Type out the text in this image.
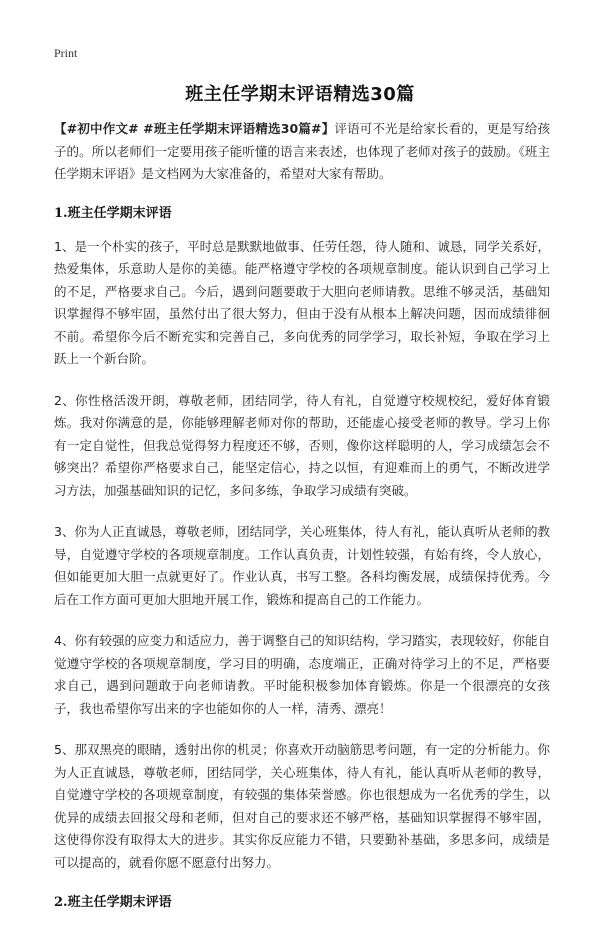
Print
班主任学期末评语精选30篇

【#初中作文# #班主任学期末评语精选30篇#】评语可不光是给家长看的，更是写给孩子的。所以老师们一定要用孩子能听懂的语言来表述，也体现了老师对孩子的鼓励。《班主任学期末评语》是文档网为大家准备的，希望对大家有帮助。

1.班主任学期末评语

1、是一个朴实的孩子，平时总是默默地做事、任劳任怨，待人随和、诚恳，同学关系好，热爱集体，乐意助人是你的美德。能严格遵守学校的各项规章制度。能认识到自己学习上的不足，严格要求自己。今后，遇到问题要敢于大胆向老师请教。思维不够灵活，基础知识掌握得不够牢固，虽然付出了很大努力，但由于没有从根本上解决问题，因而成绩徘徊不前。希望你今后不断充实和完善自己，多向优秀的同学学习，取长补短，争取在学习上跃上一个新台阶。

2、你性格活泼开朗，尊敬老师，团结同学，待人有礼，自觉遵守校规校纪，爱好体育锻炼。我对你满意的是，你能够理解老师对你的帮助，还能虚心接受老师的教导。学习上你有一定自觉性，但我总觉得努力程度还不够，否则，像你这样聪明的人，学习成绩怎会不够突出？希望你严格要求自己，能坚定信心，持之以恒，有迎难而上的勇气，不断改进学习方法，加强基础知识的记忆，多问多练，争取学习成绩有突破。

3、你为人正直诚恳，尊敬老师，团结同学，关心班集体，待人有礼，能认真听从老师的教导，自觉遵守学校的各项规章制度。工作认真负责，计划性较强，有始有终，令人放心，但如能更加大胆一点就更好了。作业认真，书写工整。各科均衡发展，成绩保持优秀。今后在工作方面可更加大胆地开展工作，锻炼和提高自己的工作能力。

4、你有较强的应变力和适应力，善于调整自己的知识结构，学习踏实，表现较好，你能自觉遵守学校的各项规章制度，学习目的明确，态度端正，正确对待学习上的不足，严格要求自己，遇到问题敢于向老师请教。平时能积极参加体育锻炼。你是一个很漂亮的女孩子，我也希望你写出来的字也能如你的人一样，清秀、漂亮！

5、那双黑亮的眼睛，透射出你的机灵；你喜欢开动脑筋思考问题，有一定的分析能力。你为人正直诚恳，尊敬老师，团结同学，关心班集体，待人有礼，能认真听从老师的教导，自觉遵守学校的各项规章制度，有较强的集体荣誉感。你也很想成为一名优秀的学生，以优异的成绩去回报父母和老师，但对自己的要求还不够严格，基础知识掌握得不够牢固，这使得你没有取得太大的进步。其实你反应能力不错，只要勤补基础，多思多问，成绩是可以提高的，就看你愿不愿意付出努力。

2.班主任学期末评语
